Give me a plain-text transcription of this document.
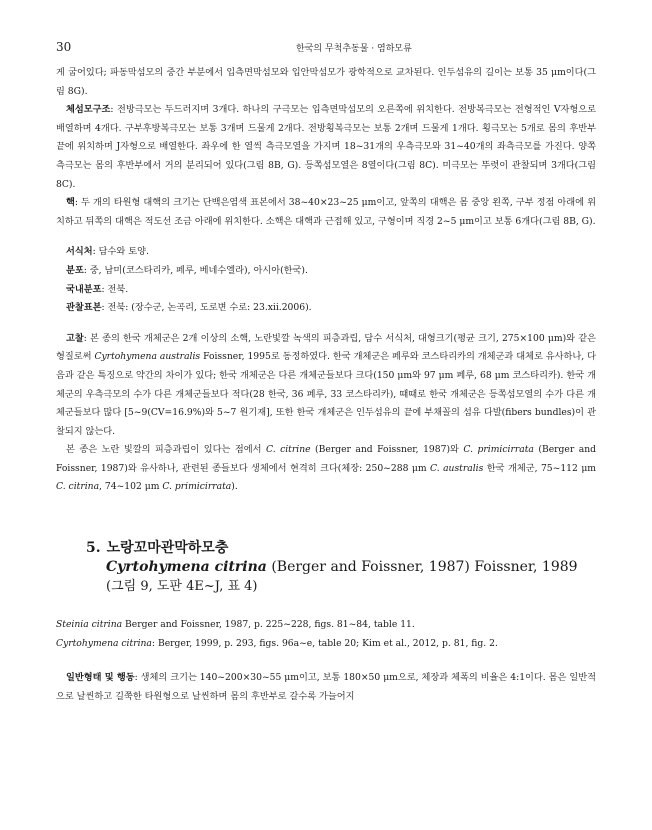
30	한국의 무척추동물 · 염하모류

게 굽어있다; 파동막섬모의 중간 부분에서 입측면막섬모와 입안막섬모가 광학적으로 교차된다. 인두섬유의 길이는 보통 35 μm이다(그림 8G).

체섬모구조: 전방극모는 두드러지며 3개다. 하나의 구극모는 입측면막섬모의 오른쪽에 위치한다. 전방복극모는 전형적인 V자형으로 배열하며 4개다. 구부후방복극모는 보통 3개며 드물게 2개다. 전방횡복극모는 보통 2개며 드물게 1개다. 횡극모는 5개로 몸의 후반부 끝에 위치하며 J자형으로 배열한다. 좌우에 한 열씩 측극모열을 가지며 18~31개의 우측극모와 31~40개의 좌측극모를 가진다. 양쪽 측극모는 몸의 후반부에서 거의 분리되어 있다(그림 8B, G). 등쪽섬모열은 8열이다(그림 8C). 미극모는 뚜렷이 관찰되며 3개다(그림 8C).

핵: 두 개의 타원형 대핵의 크기는 단백은염색 표본에서 38~40×23~25 μm이고, 앞쪽의 대핵은 몸 중앙 왼쪽, 구부 정점 아래에 위치하고 뒤쪽의 대핵은 적도선 조금 아래에 위치한다. 소핵은 대핵과 근접해 있고, 구형이며 직경 2~5 μm이고 보통 6개다(그림 8B, G).

서식처: 담수와 토양.

분포: 중, 남미(코스타리카, 페루, 베네수엘라), 아시아(한국).

국내분포: 전북.

관찰표본: 전북: (장수군, 논곡리, 도로변 수로: 23.xii.2006).

고찰: 본 종의 한국 개체군은 2개 이상의 소핵, 노란빛깔 녹색의 피층과립, 담수 서식처, 대형크기(평균 크기, 275×100 μm)와 같은 형질로써 Cyrtohymena australis Foissner, 1995로 동정하였다. 한국 개체군은 페루와 코스타리카의 개체군과 대체로 유사하나, 다음과 같은 특징으로 약간의 차이가 있다; 한국 개체군은 다른 개체군들보다 크다(150 μm와 97 μm 페루, 68 μm 코스타리카). 한국 개체군의 우측극모의 수가 다른 개체군들보다 적다(28 한국, 36 페루, 33 코스타리카), 때때로 한국 개체군은 등쪽섬모열의 수가 다른 개체군들보다 많다 [5~9(CV=16.9%)와 5~7 원기재], 또한 한국 개체군은 인두섬유의 끝에 부채꼴의 섬유 다발(fibers bundles)이 관찰되지 않는다.

본 종은 노란 빛깔의 피층과립이 있다는 점에서 C. citrine (Berger and Foissner, 1987)와 C. primicirrata (Berger and Foissner, 1987)와 유사하나, 관련된 종들보다 생체에서 현격히 크다(체장: 250~288 μm C. australis 한국 개체군, 75~112 μm C. citrina, 74~102 μm C. primicirrata).

5. 노랑꼬마관막하모충

Cyrtohymena citrina (Berger and Foissner, 1987) Foissner, 1989

(그림 9, 도판 4E~J, 표 4)

Steinia citrina Berger and Foissner, 1987, p. 225~228, figs. 81~84, table 11.

Cyrtohymena citrina: Berger, 1999, p. 293, figs. 96a~e, table 20; Kim et al., 2012, p. 81, fig. 2.

일반형태 및 행동: 생체의 크기는 140~200×30~55 μm이고, 보통 180×50 μm으로, 체장과 체폭의 비율은 4:1이다. 몸은 일반적으로 날씬하고 길쭉한 타원형으로 날씬하며 몸의 후반부로 갈수록 가늘어지
